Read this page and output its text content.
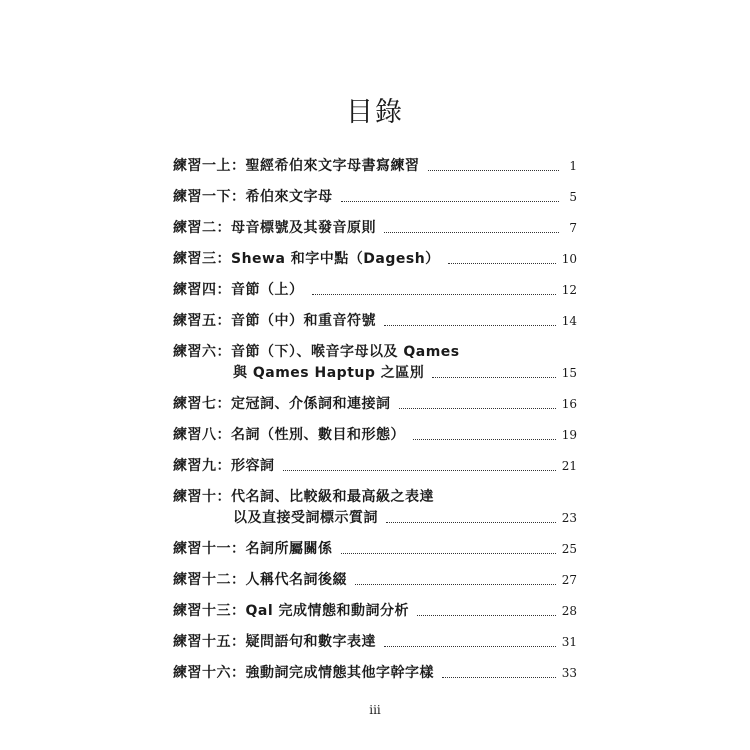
目錄
練習一上：聖經希伯來文字母書寫練習	1
練習一下：希伯來文字母	5
練習二：母音標號及其發音原則	7
練習三：Shewa 和字中點（Dagesh）	10
練習四：音節（上）	12
練習五：音節（中）和重音符號	14
練習六：音節（下）、喉音字母以及 Qames
與 Qames Haptup 之區別	15
練習七：定冠詞、介係詞和連接詞	16
練習八：名詞（性別、數目和形態）	19
練習九：形容詞	21
練習十：代名詞、比較級和最高級之表達
以及直接受詞標示質詞	23
練習十一：名詞所屬關係	25
練習十二：人稱代名詞後綴	27
練習十三：Qal 完成情態和動詞分析	28
練習十五：疑問語句和數字表達	31
練習十六：強動詞完成情態其他字幹字樣	33
iii
